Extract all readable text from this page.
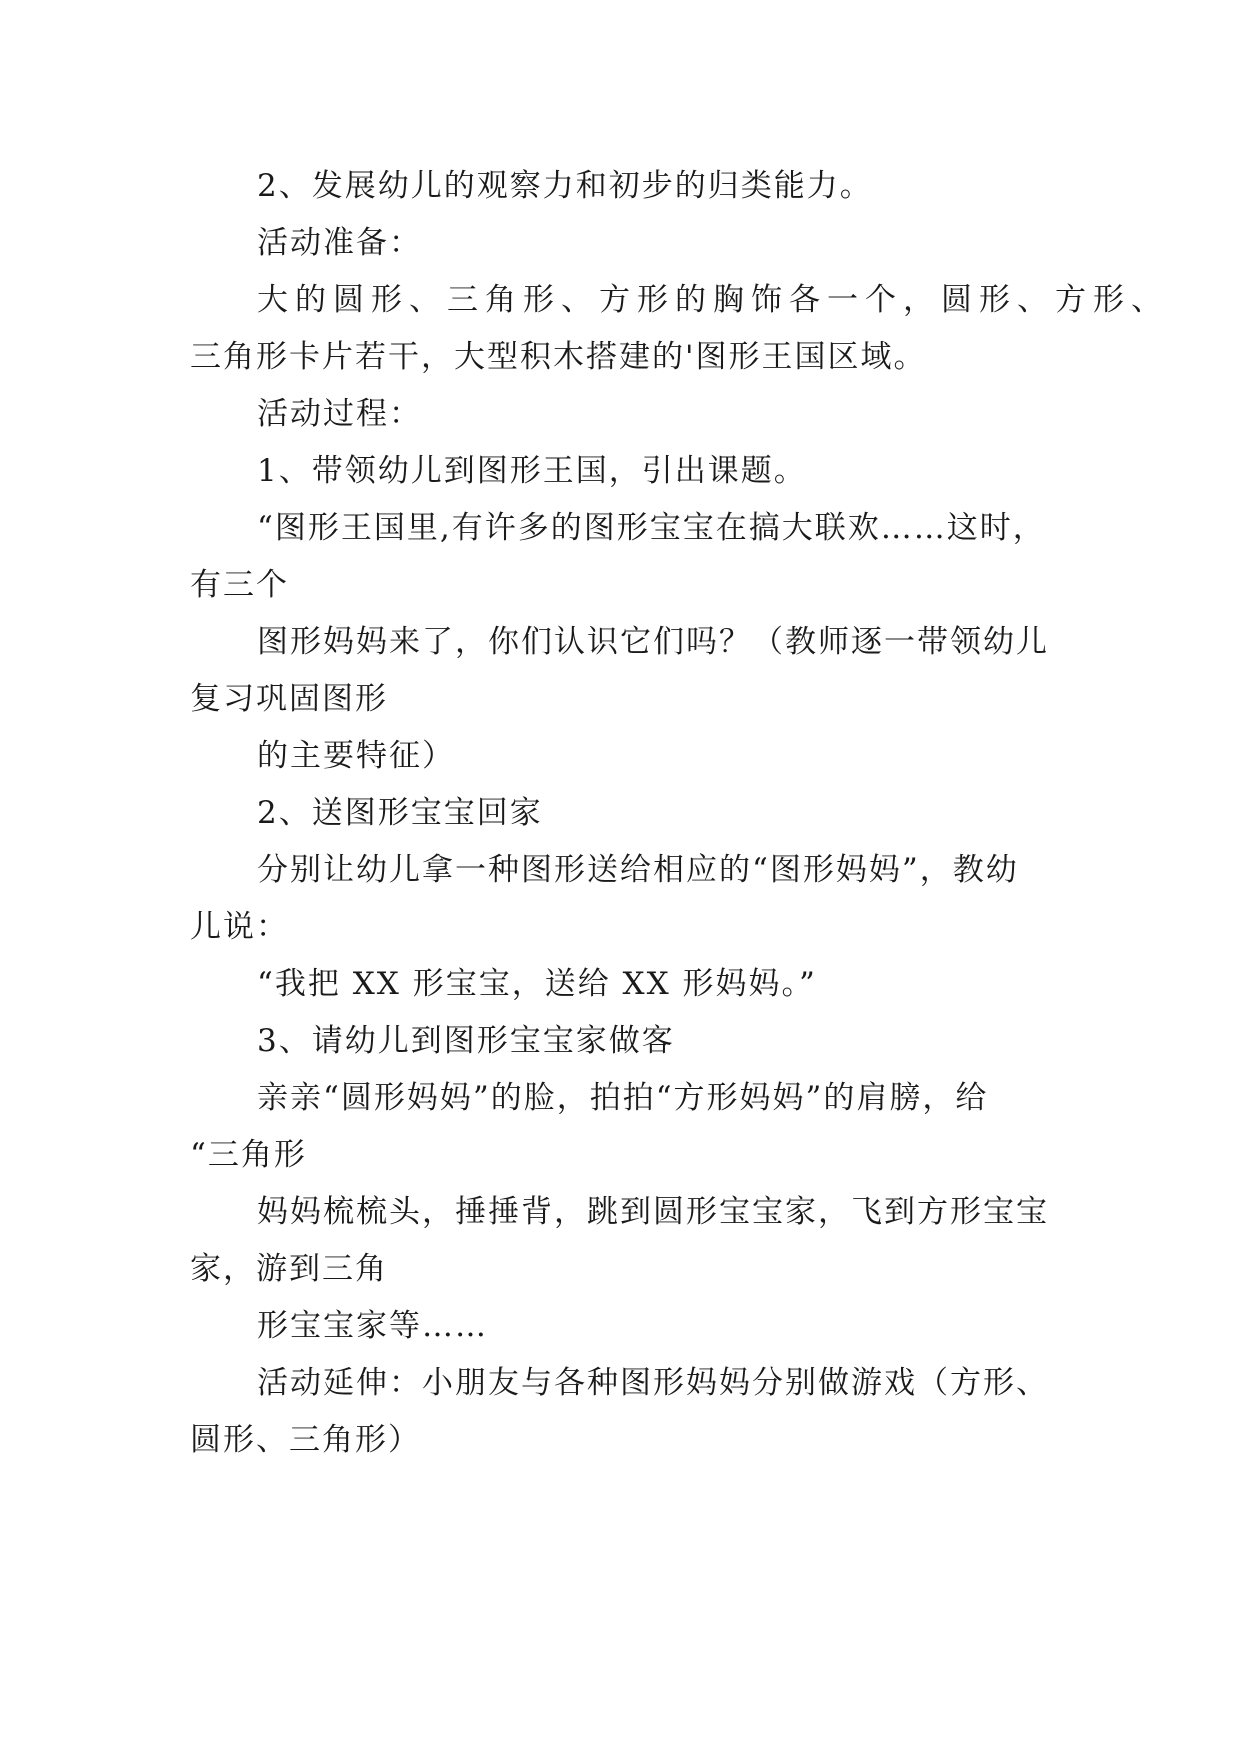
2、发展幼儿的观察力和初步的归类能力。
活动准备：
大的圆形、三角形、方形的胸饰各一个，圆形、方形、
三角形卡片若干，大型积木搭建的'图形王国区域。
活动过程：
1、带领幼儿到图形王国，引出课题。
“图形王国里,有许多的图形宝宝在搞大联欢……这时，
有三个
图形妈妈来了，你们认识它们吗？（教师逐一带领幼儿
复习巩固图形
的主要特征）
2、送图形宝宝回家
分别让幼儿拿一种图形送给相应的“图形妈妈”，教幼
儿说：
“我把 XX 形宝宝，送给 XX 形妈妈。”
3、请幼儿到图形宝宝家做客
亲亲“圆形妈妈”的脸，拍拍“方形妈妈”的肩膀，给
“三角形
妈妈梳梳头，捶捶背，跳到圆形宝宝家，飞到方形宝宝
家，游到三角
形宝宝家等……
活动延伸：小朋友与各种图形妈妈分别做游戏（方形、
圆形、三角形）
